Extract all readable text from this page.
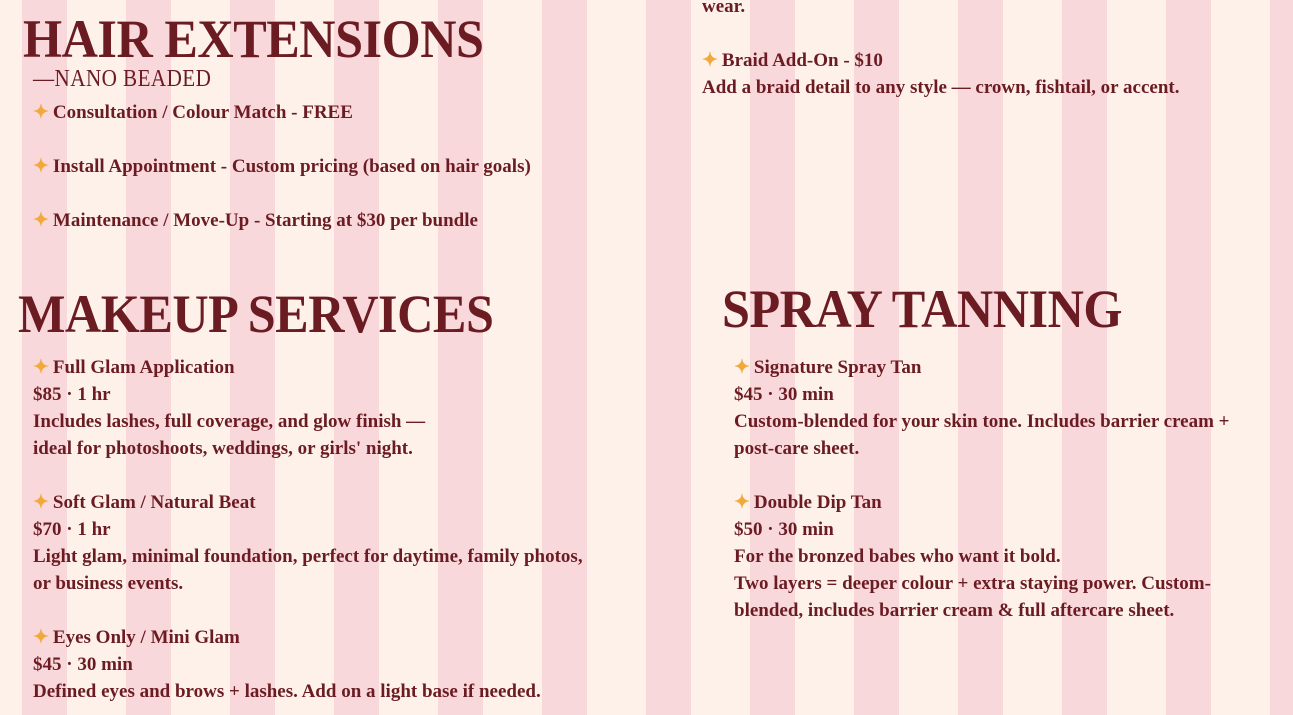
HAIR EXTENSIONS
—NANO BEADED
✦ Consultation / Colour Match - FREE
✦ Install Appointment - Custom pricing (based on hair goals)
✦ Maintenance / Move-Up - Starting at $30 per bundle
wear.
✦ Braid Add-On - $10
Add a braid detail to any style — crown, fishtail, or accent.
MAKEUP SERVICES
✦ Full Glam Application
$85 · 1 hr
Includes lashes, full coverage, and glow finish —
ideal for photoshoots, weddings, or girls' night.
✦ Soft Glam / Natural Beat
$70 · 1 hr
Light glam, minimal foundation, perfect for daytime, family photos,
or business events.
✦ Eyes Only / Mini Glam
$45 · 30 min
Defined eyes and brows + lashes. Add on a light base if needed.
SPRAY TANNING
✦ Signature Spray Tan
$45 · 30 min
Custom-blended for your skin tone. Includes barrier cream +
post-care sheet.
✦ Double Dip Tan
$50 · 30 min
For the bronzed babes who want it bold.
Two layers = deeper colour + extra staying power. Custom-
blended, includes barrier cream & full aftercare sheet.
